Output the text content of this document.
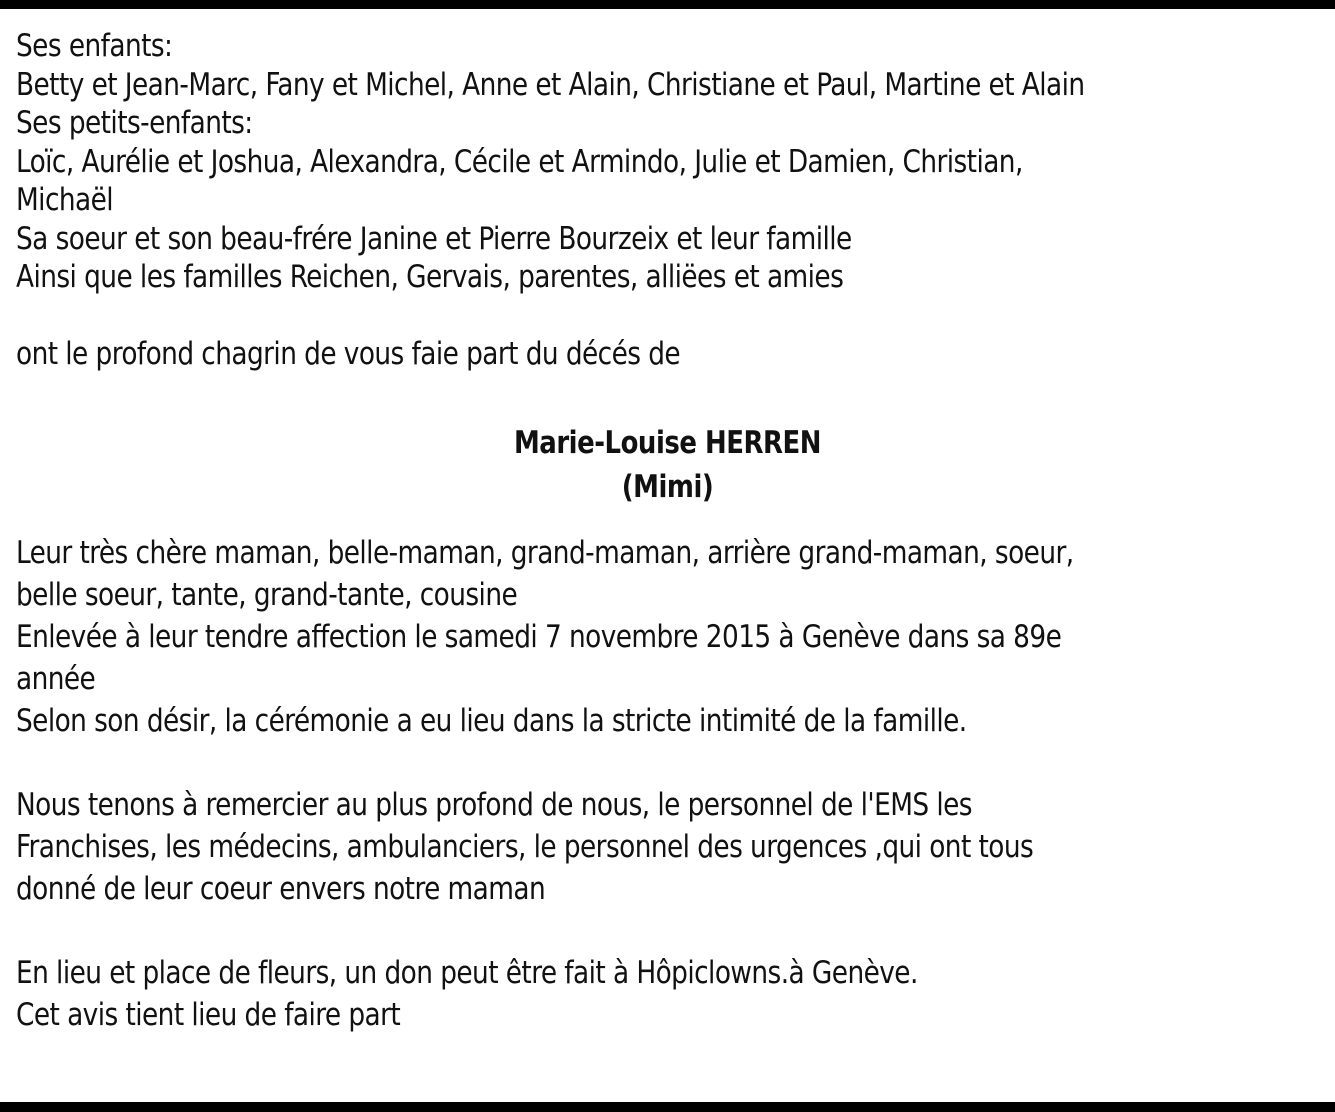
Ses enfants:

Betty et Jean-Marc, Fany et Michel, Anne et Alain, Christiane et Paul, Martine et Alain

Ses petits-enfants:

Loïc, Aurélie et Joshua, Alexandra, Cécile et Armindo, Julie et Damien, Christian,

Michaël

Sa soeur et son beau-frére Janine et Pierre Bourzeix et leur famille

Ainsi que les familles Reichen, Gervais, parentes, alliëes et amies

ont le profond chagrin de vous faie part du décés de

Marie-Louise HERREN

(Mimi)

Leur très chère maman, belle-maman, grand-maman, arrière grand-maman, soeur,

belle soeur, tante, grand-tante, cousine

Enlevée à leur tendre affection le samedi 7 novembre 2015 à Genève dans sa 89e

année

Selon son désir, la cérémonie a eu lieu dans la stricte intimité de la famille.

Nous tenons à remercier au plus profond de nous, le personnel de l'EMS les

Franchises, les médecins, ambulanciers, le personnel des urgences ,qui ont tous

donné de leur coeur envers notre maman

En lieu et place de fleurs, un don peut être fait à Hôpiclowns.à Genève.

Cet avis tient lieu de faire part
